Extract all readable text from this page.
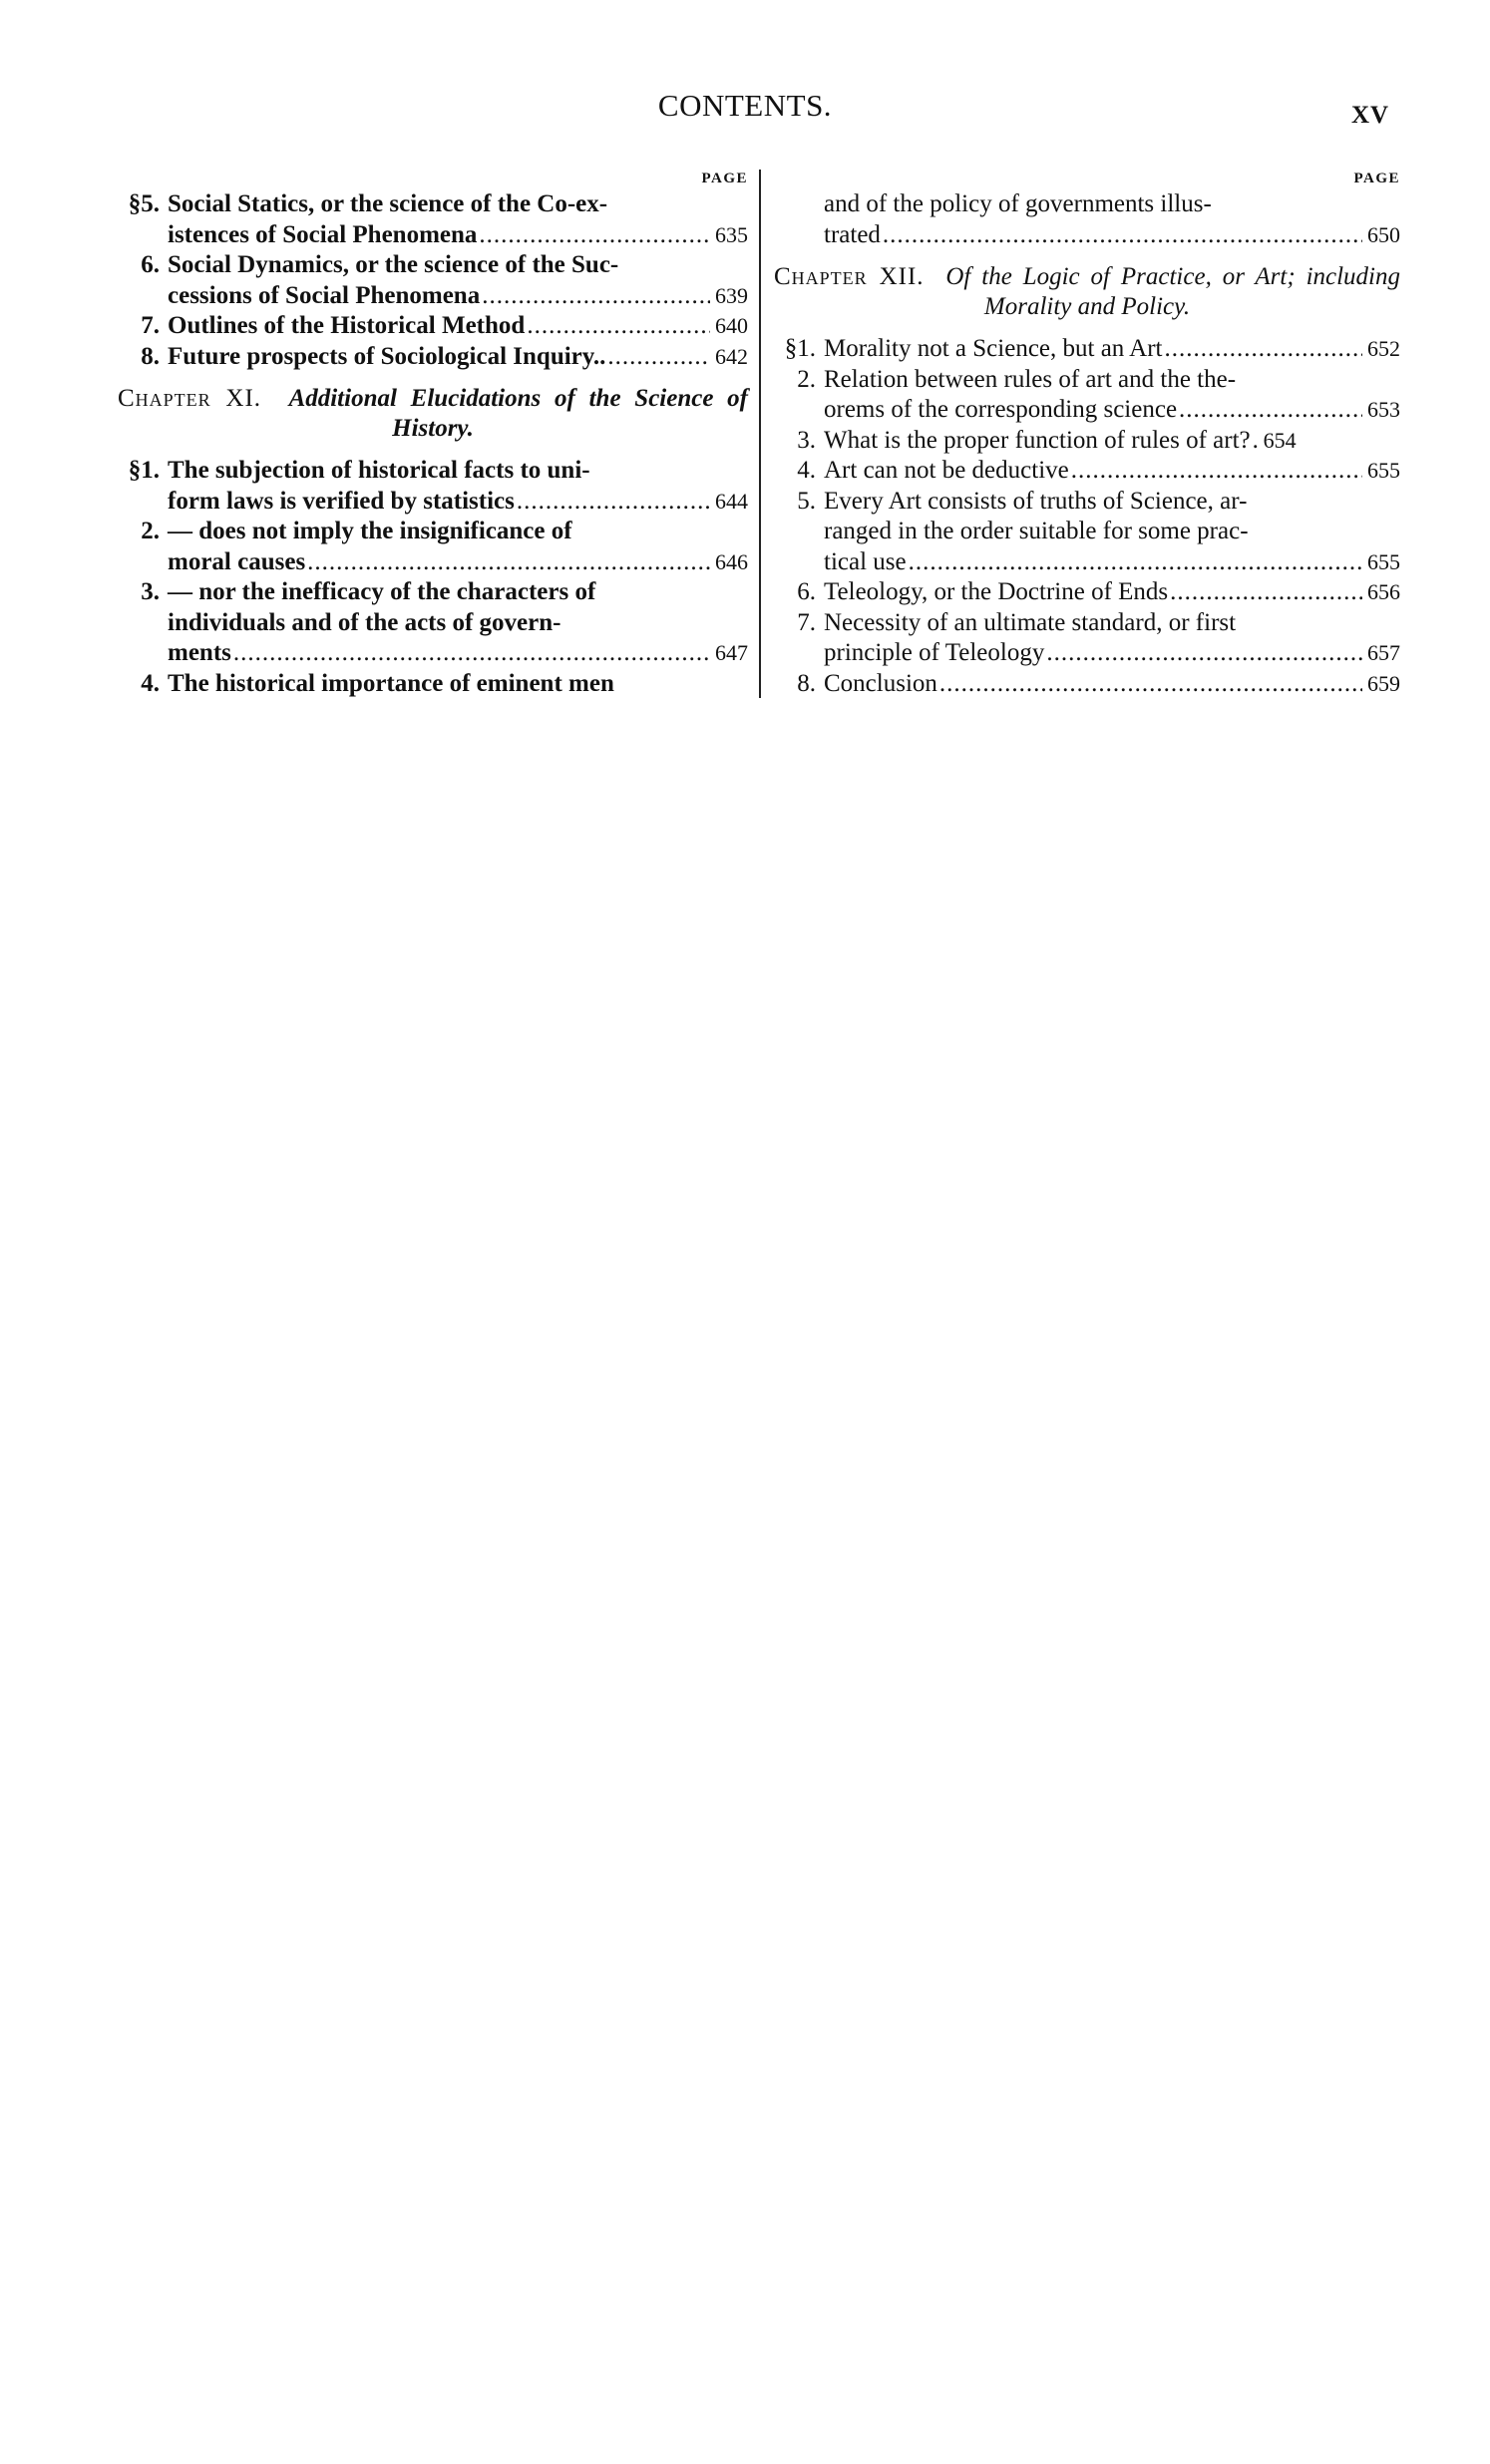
CONTENTS.	XV
PAGE
§5. Social Statics, or the science of the Co-ex-
istences of Social Phenomena .....	635
6. Social Dynamics, or the science of the Suc-
cessions of Social Phenomena .....	639
7. Outlines of the Historical Method .....	640
8. Future prospects of Sociological Inquiry.. .....	642
Chapter XI. Additional Elucidations of the Science of History.
§1. The subjection of historical facts to uni-
form laws is verified by statistics .....	644
2. — does not imply the insignificance of
moral causes .....	646
3. — nor the inefficacy of the characters of
individuals and of the acts of govern-
ments .....	647
4. The historical importance of eminent men
PAGE
and of the policy of governments illus-
trated .....	650
Chapter XII. Of the Logic of Practice, or Art; including Morality and Policy.
§1. Morality not a Science, but an Art .....	652
2. Relation between rules of art and the the-
orems of the corresponding science .....	653
3. What is the proper function of rules of art? ..... 654
4. Art can not be deductive .....	655
5. Every Art consists of truths of Science, ar-
ranged in the order suitable for some prac-
tical use .....	655
6. Teleology, or the Doctrine of Ends .....	656
7. Necessity of an ultimate standard, or first
principle of Teleology .....	657
8. Conclusion .....	659
